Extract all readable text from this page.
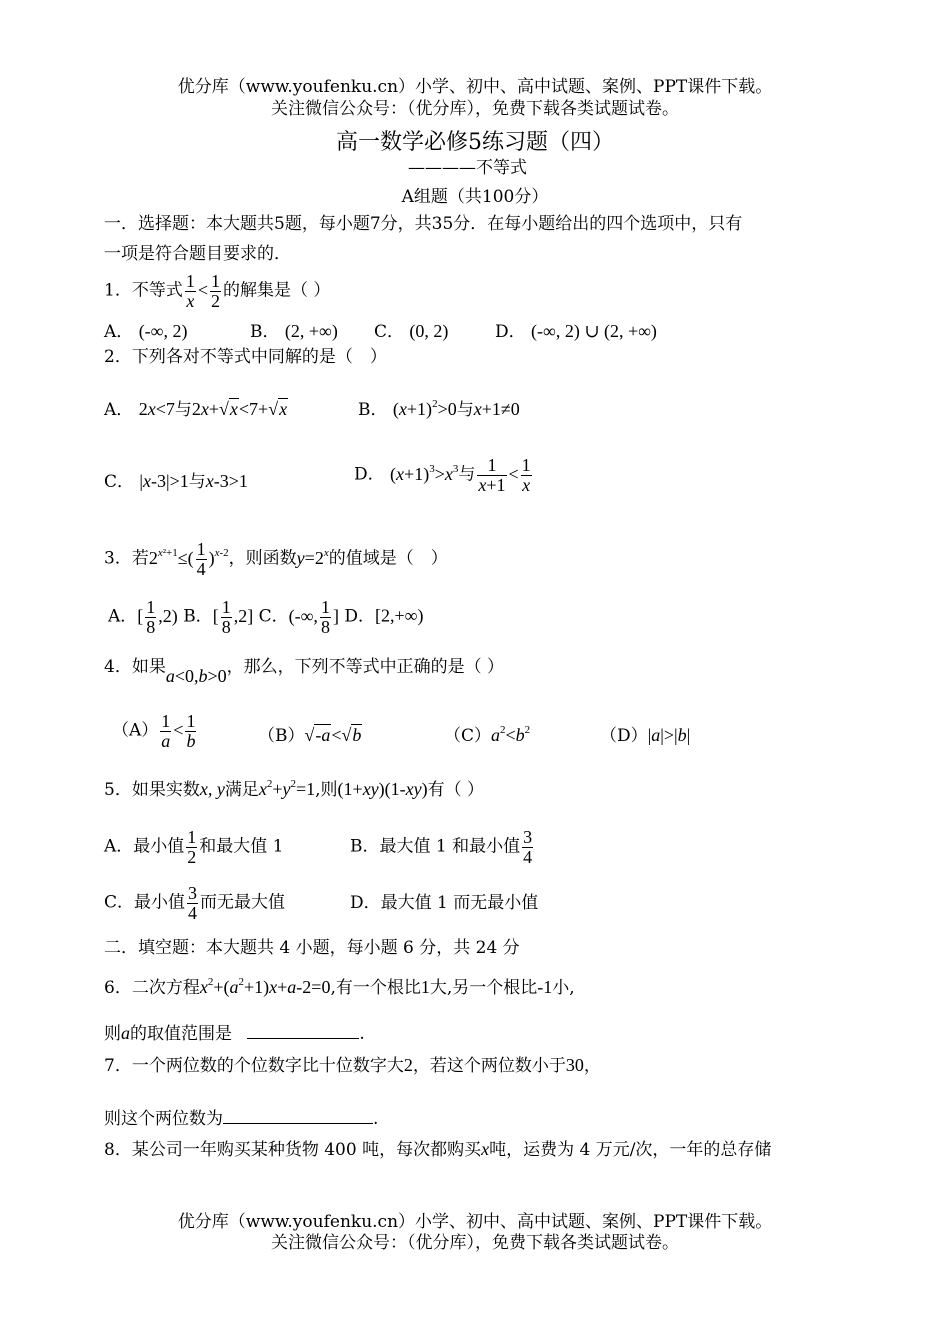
优分库（www.youfenku.cn）小学、初中、高中试题、案例、PPT课件下载。
关注微信公众号：（优分库），免费下载各类试题试卷。
高一数学必修5练习题（四）
————不等式
A组题（共100分）
一．选择题：本大题共5题，每小题7分，共35分．在每小题给出的四个选项中，只有
一项是符合题目要求的．
1．不等式 $\frac{1}{x} < \frac{1}{2}$ 的解集是（ ）
A． (-∞, 2)	B． (2, +∞) C． (0, 2)	D． (-∞, 2) ∪ (2, +∞)
2．下列各对不等式中同解的是（　）
A． 2x<7与2x+√x<7+√x	B． $(x+1)^2>0$与x+1≠0
C． |x-3|>1与x-3>1	D． $(x+1)^3>x^3$与 $\frac{1}{x+1} < \frac{1}{x}$
3．若$2^{x^2+1}\le( \frac{1}{4} )^{x-2}$，则函数$y=2^x$的值域是（　）
A．[ $\frac{1}{8} ,2$) B．[ $\frac{1}{8} ,2$] C．(-∞, $\frac{1}{8}$ ] D．[2,+∞)
4．如果a<0,b>0，那么，下列不等式中正确的是（ ）
$(A) \frac{1}{a} < \frac{1}{b}$	（B）√-a<√b	$(C)a^2<b^2$	（D）|a|>|b|
5．如果实数x, y满足$x^2+y^2=1$,则(1+xy)(1-xy)有（ ）
A．最小值 $\frac{1}{2}$ 和最大值 1	B．最大值 1 和最小值 $\frac{3}{4}$
C．最小值 $\frac{3}{4}$ 而无最大值	D．最大值 1 而无最小值
二．填空题：本大题共 4 小题，每小题 6 分，共 24 分
6．二次方程$x^2+(a^2+1)x+a-2=0$,有一个根比1大,另一个根比-1小,
则a的取值范围是	.
7．一个两位数的个位数字比十位数字大2，若这个两位数小于30，
则这个两位数为	.
8．某公司一年购买某种货物 400 吨，每次都购买x吨，运费为 4 万元/次，一年的总存储
优分库（www.youfenku.cn）小学、初中、高中试题、案例、PPT课件下载。
关注微信公众号：（优分库），免费下载各类试题试卷。
